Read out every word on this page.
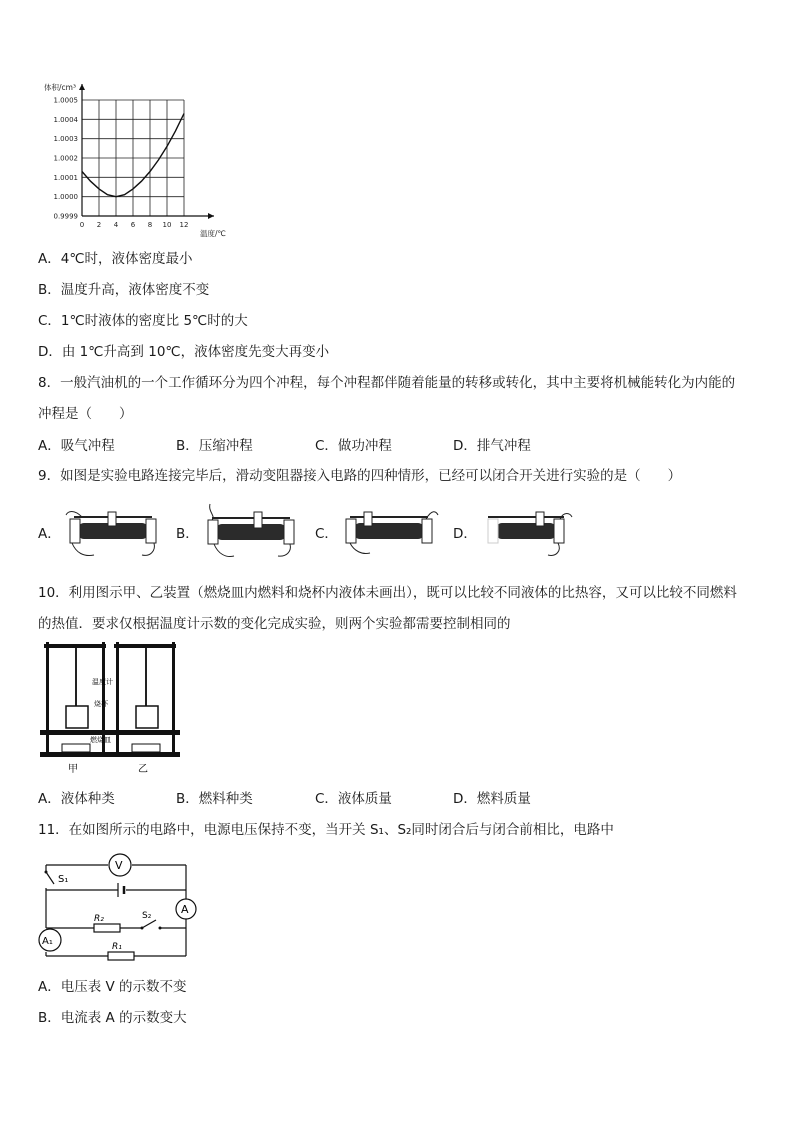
0 2 4 6 8 10 12
0.9999
1.0000
1.0001
1.0002
1.0003
1.0004
1.0005
体积/cm³
温度/℃
A．4℃时，液体密度最小
B．温度升高，液体密度不变
C．1℃时液体的密度比 5℃时的大
D．由 1℃升高到 10℃，液体密度先变大再变小
8．一般汽油机的一个工作循环分为四个冲程，每个冲程都伴随着能量的转移或转化，其中主要将机械能转化为内能的
冲程是（　　）
A．吸气冲程	B．压缩冲程	C．做功冲程	D．排气冲程
9．如图是实验电路连接完毕后，滑动变阻器接入电路的四种情形，已经可以闭合开关进行实验的是（　　）
A．	B．	C．	D．
10．利用图示甲、乙装置（燃烧皿内燃料和烧杯内液体未画出），既可以比较不同液体的比热容，又可以比较不同燃料
的热值．要求仅根据温度计示数的变化完成实验，则两个实验都需要控制相同的
甲	乙
温度计
烧杯
燃烧皿
A．液体种类	B．燃料种类	C．液体质量	D．燃料质量
11．在如图所示的电路中，电源电压保持不变，当开关 S₁、S₂同时闭合后与闭合前相比，电路中
V
A
A₁
S₁
S₂
R₂
R₁
A．电压表 V 的示数不变
B．电流表 A 的示数变大
